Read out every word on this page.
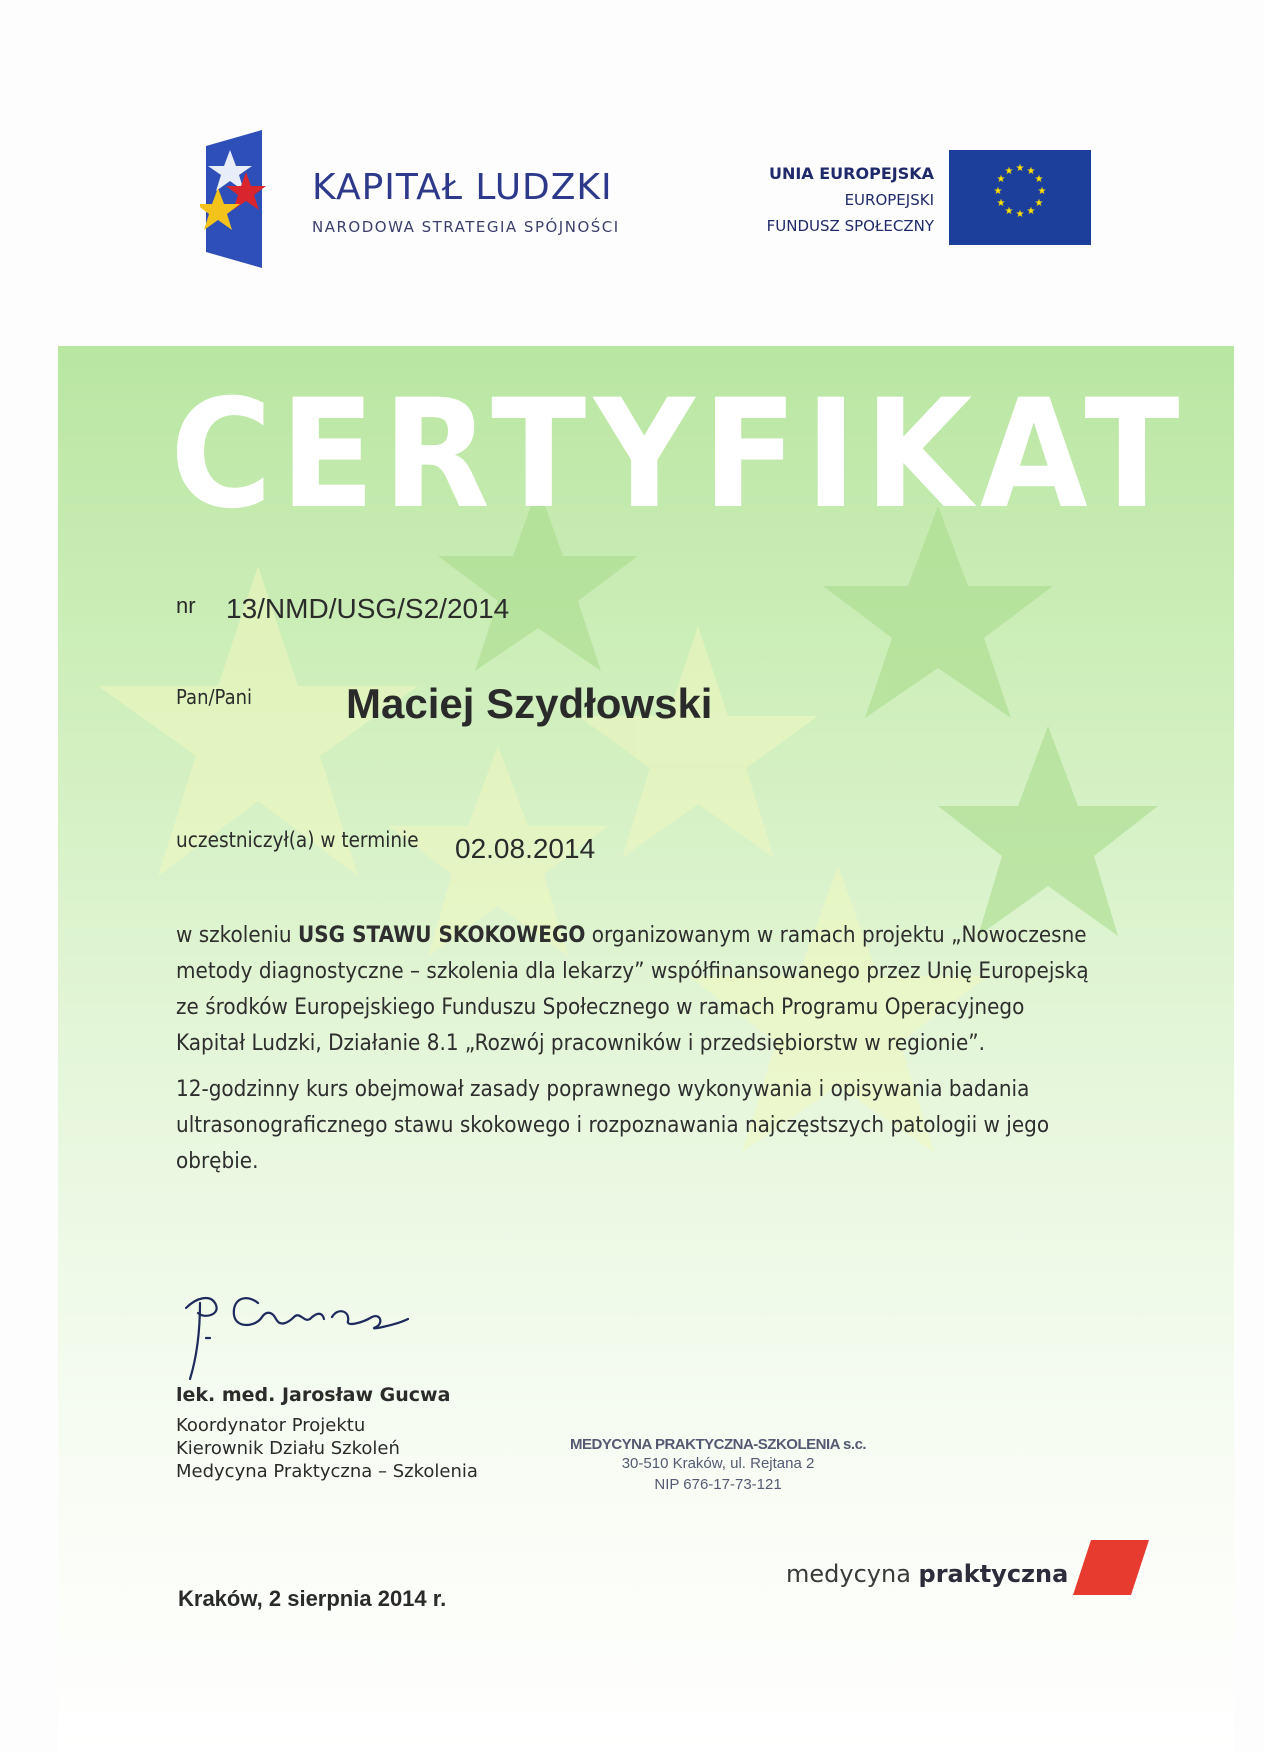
KAPITAŁ LUDZKI
NARODOWA STRATEGIA SPÓJNOŚCI
UNIA EUROPEJSKA
EUROPEJSKI
FUNDUSZ SPOŁECZNY
★ ★
★
★
★
★
★
★
★
★
★
★
CERTYFIKAT
nr 13/NMD/USG/S2/2014
Pan/Pani Maciej Szydłowski
uczestniczył(a) w terminie 02.08.2014

w szkoleniu USG STAWU SKOKOWEGO organizowanym w ramach projektu „Nowoczesne metody diagnostyczne – szkolenia dla lekarzy” współfinansowanego przez Unię Europejską ze środków Europejskiego Funduszu Społecznego w ramach Programu Operacyjnego Kapitał Ludzki, Działanie 8.1 „Rozwój pracowników i przedsiębiorstw w regionie”.

12-godzinny kurs obejmował zasady poprawnego wykonywania i opisywania badania ultrasonograficznego stawu skokowego i rozpoznawania najczęstszych patologii w jego obrębie.

lek. med. Jarosław Gucwa
Koordynator Projektu
Kierownik Działu Szkoleń
Medycyna Praktyczna – Szkolenia
MEDYCYNA PRAKTYCZNA-SZKOLENIA s.c.
30-510 Kraków, ul. Rejtana 2
NIP 676-17-73-121
Kraków, 2 sierpnia 2014 r.
medycyna praktyczna
